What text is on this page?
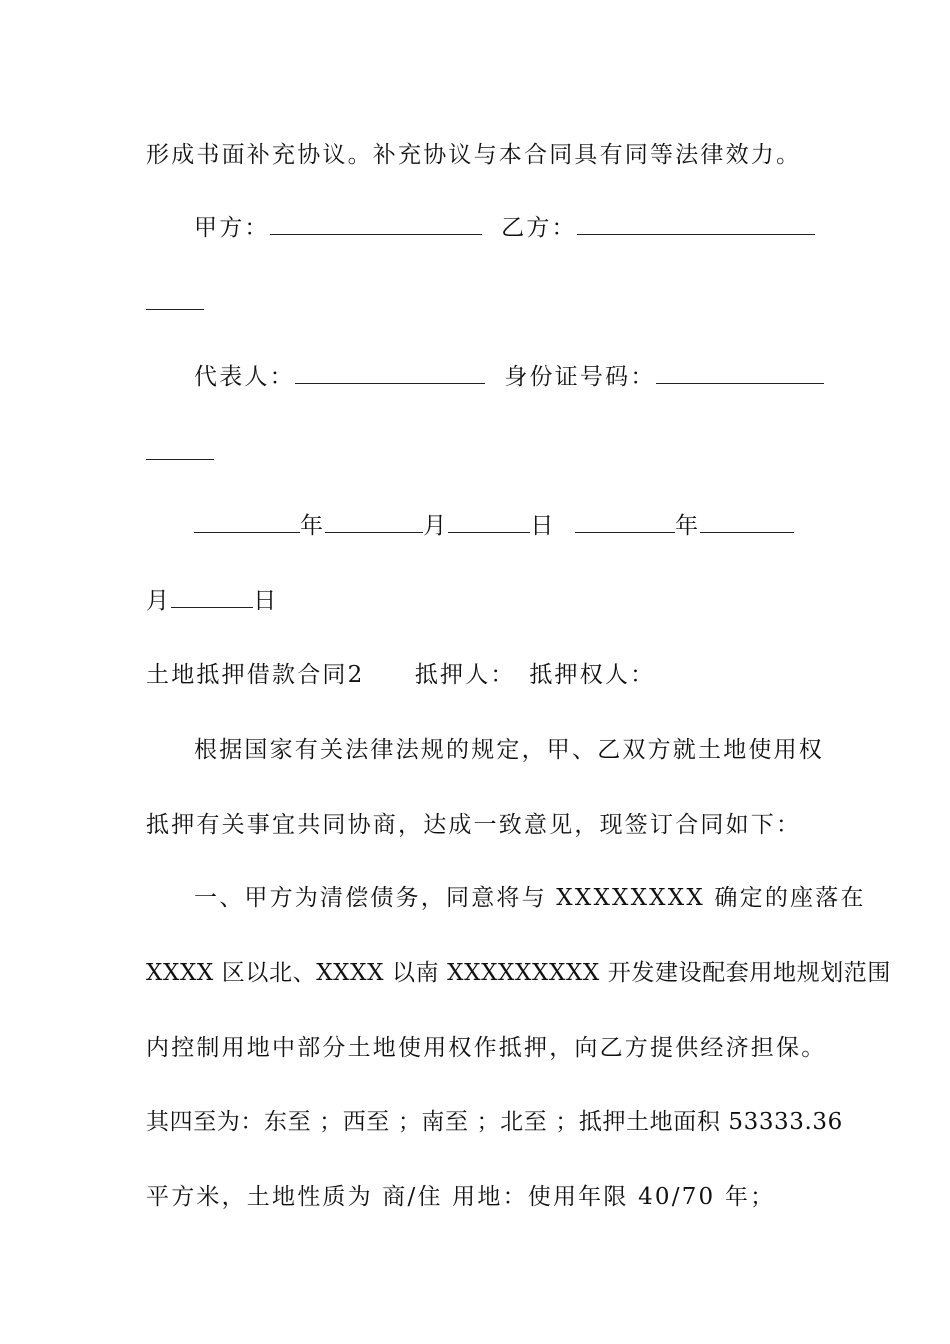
形成书面补充协议。补充协议与本合同具有同等法律效力。
甲方：	乙方：
代表人：	身份证号码：
年	月	日	年
月	日
土地抵押借款合同2　　抵押人：　抵押权人：
根据国家有关法律法规的规定，甲、乙双方就土地使用权
抵押有关事宜共同协商，达成一致意见，现签订合同如下：
一、甲方为清偿债务，同意将与 XXXXXXXX 确定的座落在
XXXX 区以北、XXXX 以南 XXXXXXXXX 开发建设配套用地规划范围
内控制用地中部分土地使用权作抵押，向乙方提供经济担保。
其四至为：东至 ；西至 ；南至 ；北至 ；抵押土地面积 53333.36
平方米，土地性质为 商/住 用地：使用年限 40/70 年；
